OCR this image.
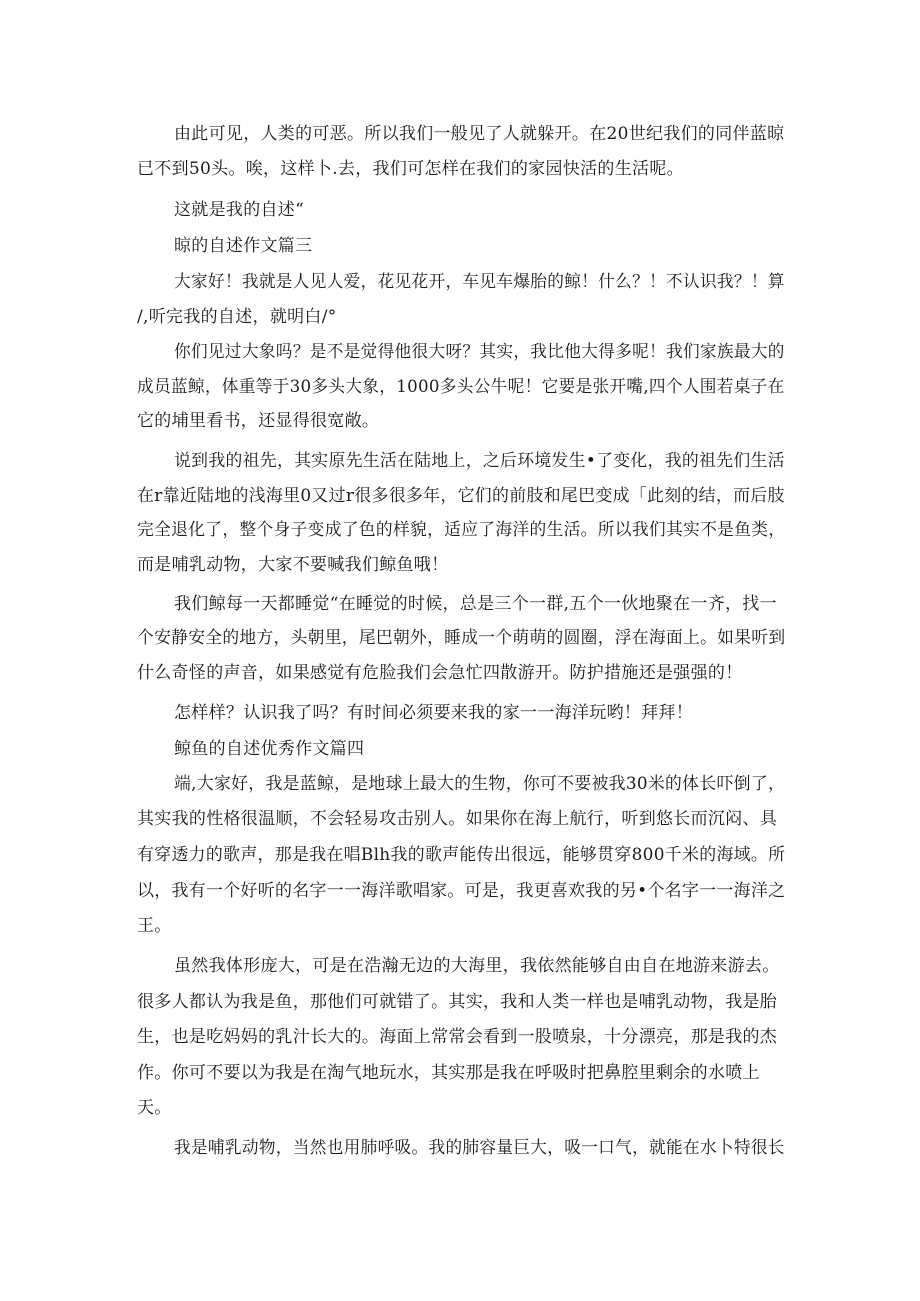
由此可见，人类的可恶。所以我们一般见了人就躲开。在20世纪我们的同伴蓝晾
已不到50头。唉，这样卜.去，我们可怎样在我们的家园快活的生活呢。
这就是我的自述“
晾的自述作文篇三
大家好！我就是人见人爱，花见花开，车见车爆胎的鲸！什么？！不认识我？！算
/,听完我的自述，就明白/°
你们见过大象吗？是不是觉得他很大呀？其实，我比他大得多呢！我们家族最大的
成员蓝鲸，体重等于30多头大象，1000多头公牛呢！它要是张开嘴,四个人围若桌子在
它的埔里看书，还显得很宽敞。
说到我的祖先，其实原先生活在陆地上，之后环境发生•了变化，我的祖先们生活
在r靠近陆地的浅海里0又过r很多很多年，它们的前肢和尾巴变成「此刻的结，而后肢
完全退化了，整个身子变成了色的样貌，适应了海洋的生活。所以我们其实不是鱼类，
而是哺乳动物，大家不要喊我们鲸鱼哦！
我们鲸每一天都睡觉“在睡觉的时候，总是三个一群,五个一伙地聚在一齐，找一
个安静安全的地方，头朝里，尾巴朝外，睡成一个萌萌的圆圈，浮在海面上。如果听到
什么奇怪的声音，如果感觉有危脸我们会急忙四散游开。防护措施还是强强的！
怎样样？认识我了吗？有时间必须要来我的家一一海洋玩哟！拜拜！
鲸鱼的自述优秀作文篇四
端,大家好，我是蓝鲸，是地球上最大的生物，你可不要被我30米的体长吓倒了，
其实我的性格很温顺，不会轻易攻击别人。如果你在海上航行，听到悠长而沉闷、具
有穿透力的歌声，那是我在唱Blh我的歌声能传出很远，能够贯穿800千米的海域。所
以，我有一个好听的名字一一海洋歌唱家。可是，我更喜欢我的另•个名字一一海洋之
王。
虽然我体形庞大，可是在浩瀚无边的大海里，我依然能够自由自在地游来游去。
很多人都认为我是鱼，那他们可就错了。其实，我和人类一样也是哺乳动物，我是胎
生，也是吃妈妈的乳汁长大的。海面上常常会看到一股喷泉，十分漂亮，那是我的杰
作。你可不要以为我是在淘气地玩水，其实那是我在呼吸时把鼻腔里剩余的水喷上
天。
我是哺乳动物，当然也用肺呼吸。我的肺容量巨大，吸一口气，就能在水卜特很长
